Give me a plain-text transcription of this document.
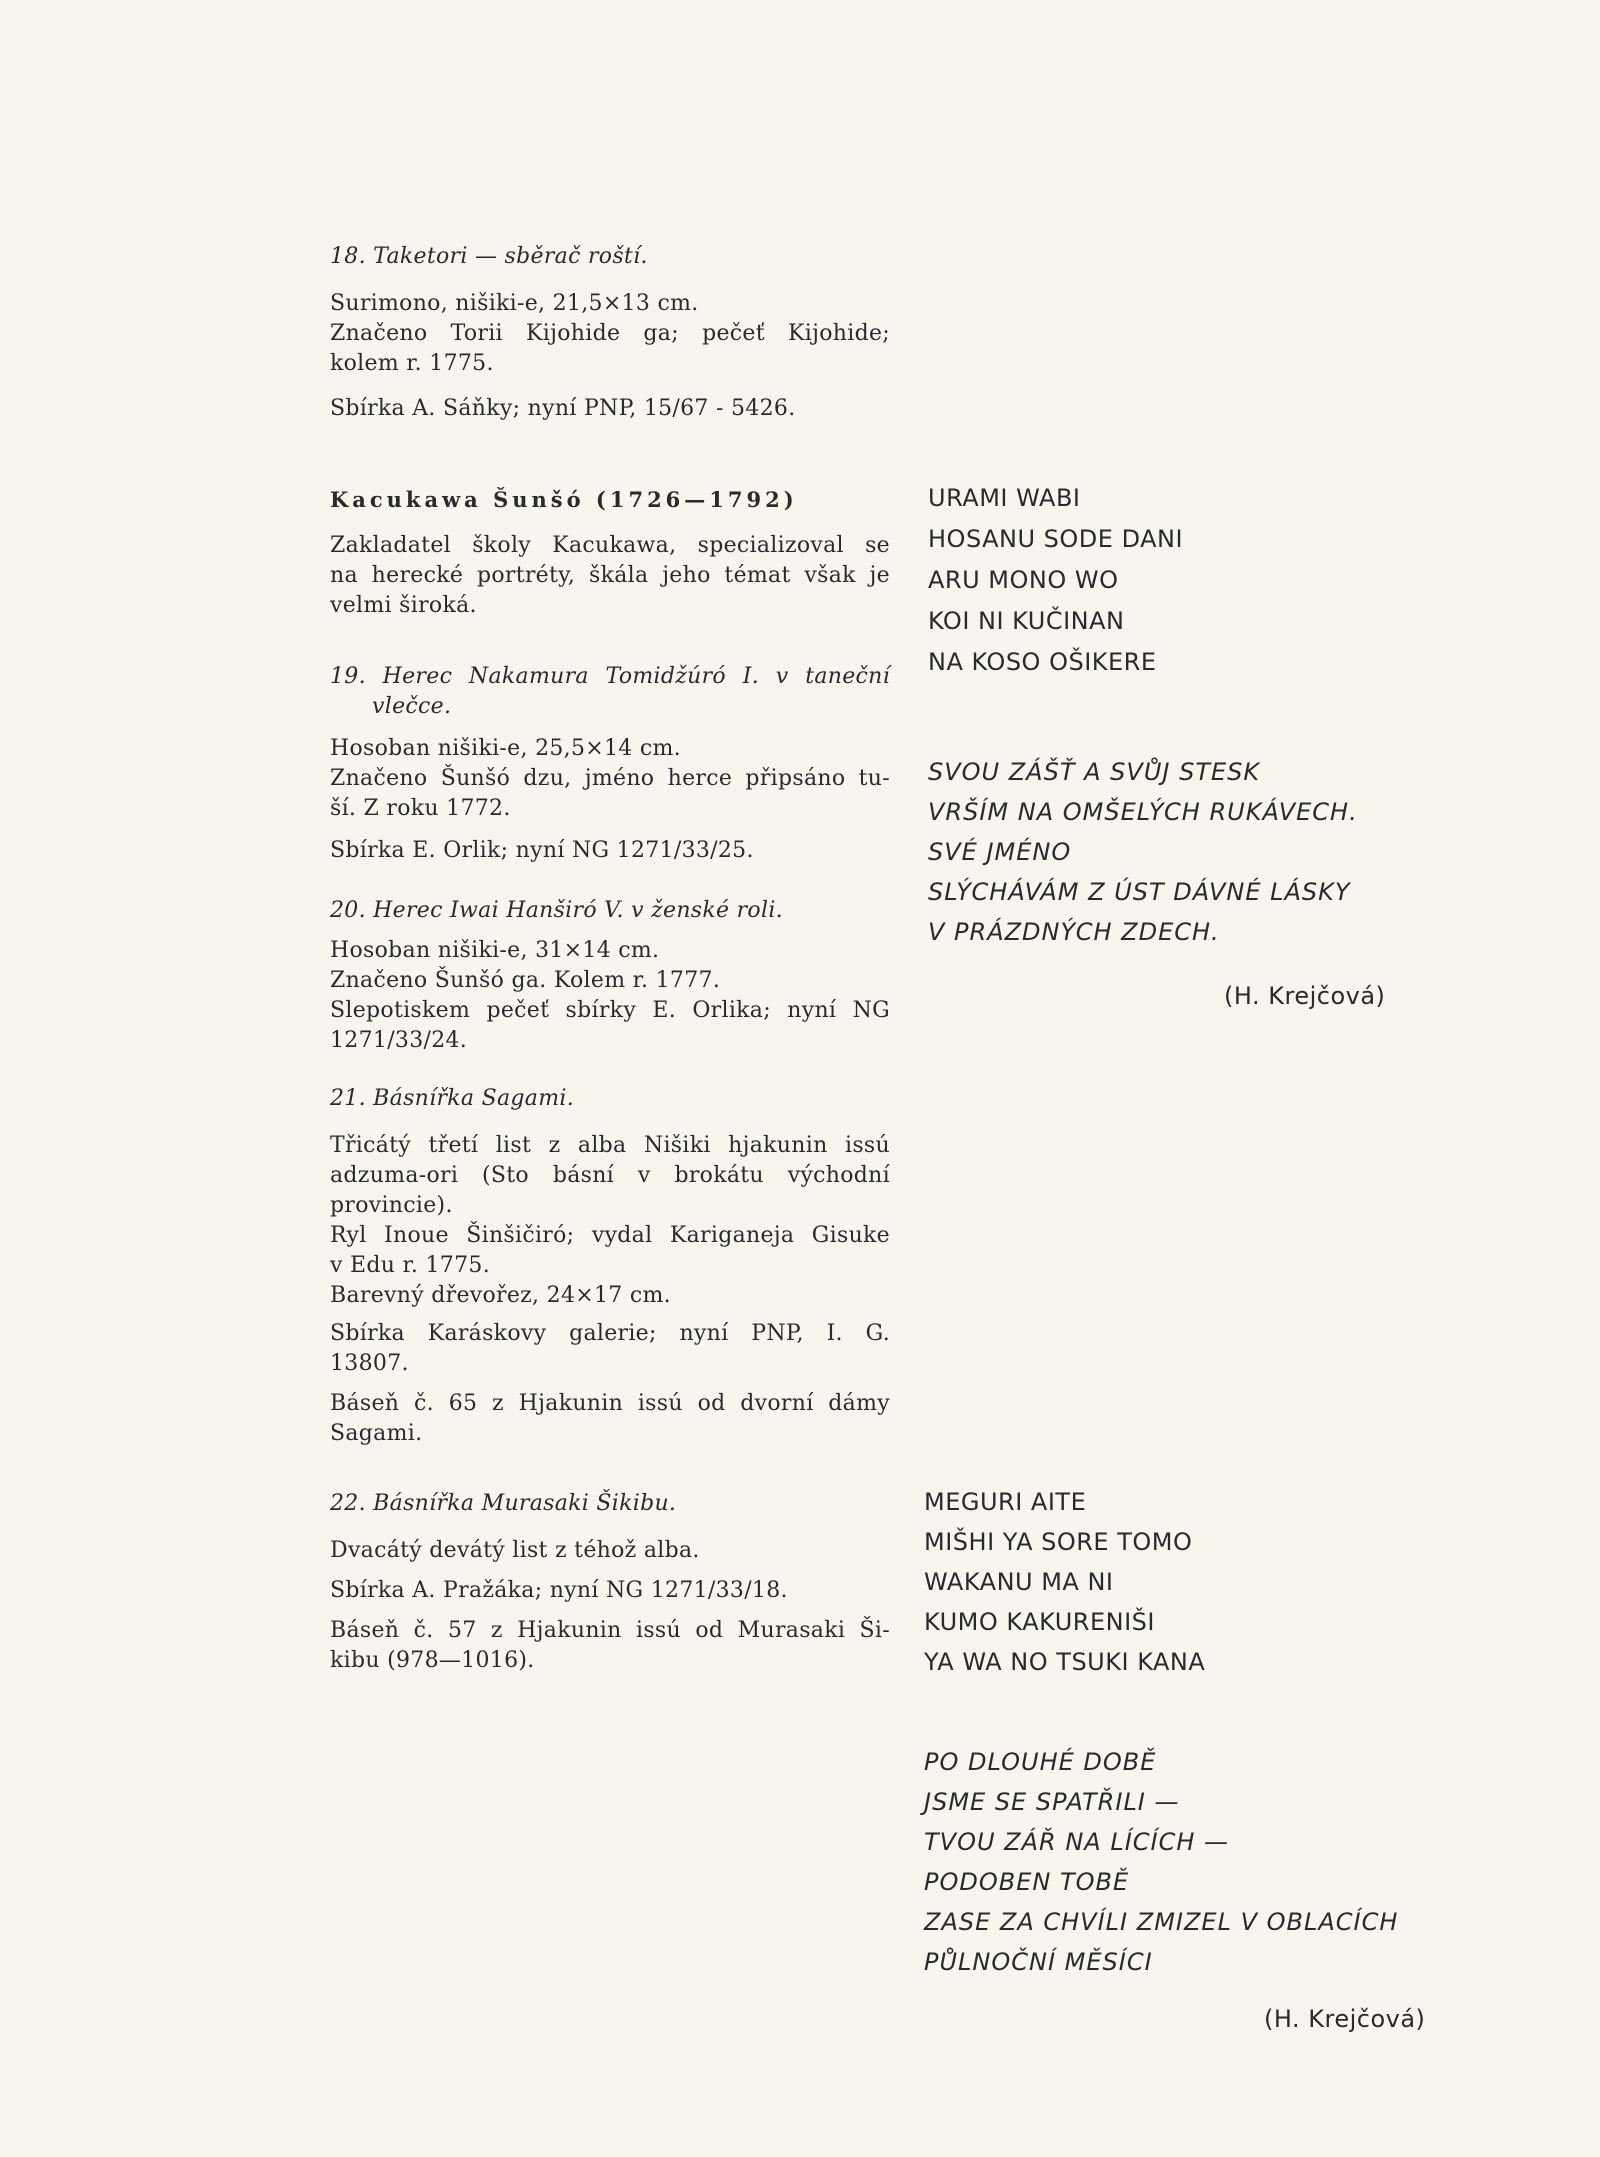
18. Taketori — sběrač roští.
Surimono, nišiki-e, 21,5×13 cm.
Značeno Torii Kijohide ga; pečeť Kijohide;
kolem r. 1775.
Sbírka A. Sáňky; nyní PNP, 15/67 - 5426.
Kacukawa Šunšó (1726—1792)
Zakladatel školy Kacukawa, specializoval se
na herecké portréty, škála jeho témat však je
velmi široká.
19. Herec Nakamura Tomidžúró I. v taneční
vlečce.
Hosoban nišiki-e, 25,5×14 cm.
Značeno Šunšó dzu, jméno herce připsáno tu-
ší. Z roku 1772.
Sbírka E. Orlik; nyní NG 1271/33/25.
20. Herec Iwai Hanširó V. v ženské roli.
Hosoban nišiki-e, 31×14 cm.
Značeno Šunšó ga. Kolem r. 1777.
Slepotiskem pečeť sbírky E. Orlika; nyní NG
1271/33/24.
21. Básnířka Sagami.
Třicátý třetí list z alba Nišiki hjakunin issú
adzuma-ori (Sto básní v brokátu východní
provincie).
Ryl Inoue Šinšičiró; vydal Kariganeja Gisuke
v Edu r. 1775.
Barevný dřevořez, 24×17 cm.
Sbírka Karáskovy galerie; nyní PNP, I. G.
13807.
Báseň č. 65 z Hjakunin issú od dvorní dámy
Sagami.
22. Básnířka Murasaki Šikibu.
Dvacátý devátý list z téhož alba.
Sbírka A. Pražáka; nyní NG 1271/33/18.
Báseň č. 57 z Hjakunin issú od Murasaki Ši-
kibu (978—1016).
URAMI WABI
HOSANU SODE DANI
ARU MONO WO
KOI NI KUČINAN
NA KOSO OŠIKERE
SVOU ZÁŠŤ A SVŮJ STESK
VRŠÍM NA OMŠELÝCH RUKÁVECH.
SVÉ JMÉNO
SLÝCHÁVÁM Z ÚST DÁVNÉ LÁSKY
V PRÁZDNÝCH ZDECH.
(H. Krejčová)
MEGURI AITE
MIŠHI YA SORE TOMO
WAKANU MA NI
KUMO KAKURENIŠI
YA WA NO TSUKI KANA
PO DLOUHÉ DOBĚ
JSME SE SPATŘILI —
TVOU ZÁŘ NA LÍCÍCH —
PODOBEN TOBĚ
ZASE ZA CHVÍLI ZMIZEL V OBLACÍCH
PŮLNOČNÍ MĚSÍCI
(H. Krejčová)
